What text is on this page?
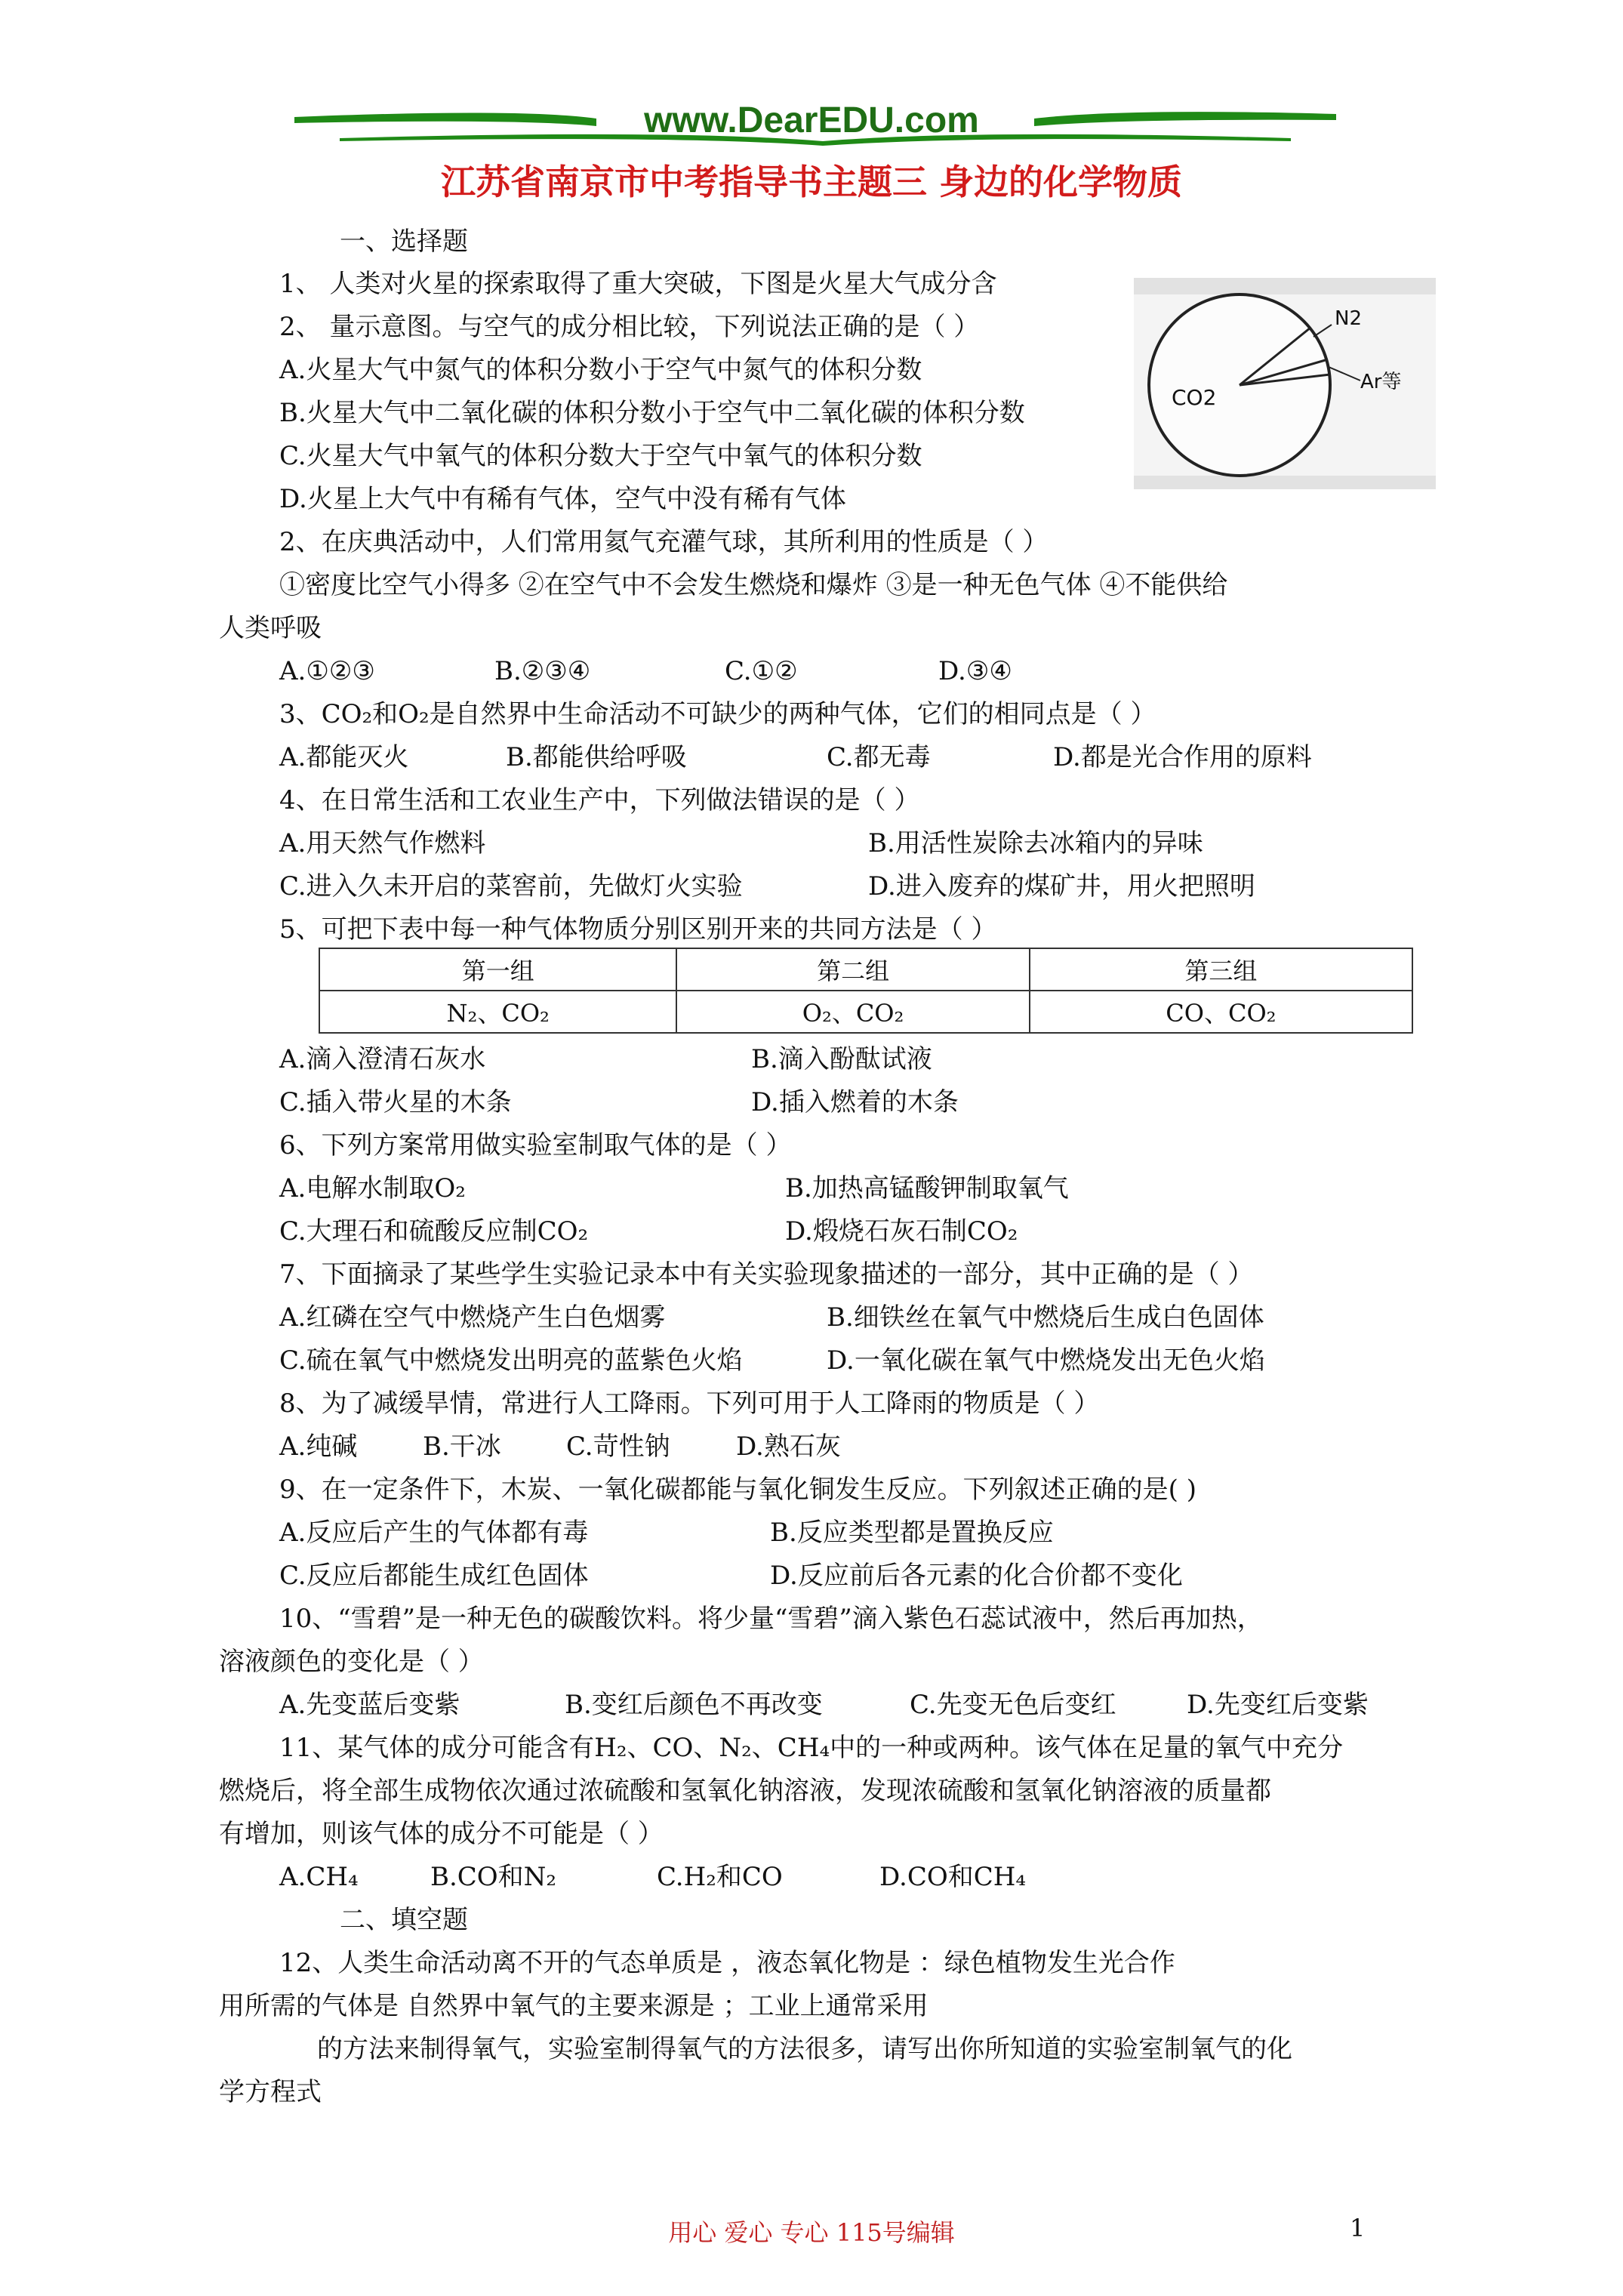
www.DearEDU.com
江苏省南京市中考指导书主题三 身边的化学物质
一、选择题
1、 人类对火星的探索取得了重大突破，下图是火星大气成分含
2、 量示意图。与空气的成分相比较，下列说法正确的是（ ）
A.火星大气中氮气的体积分数小于空气中氮气的体积分数
B.火星大气中二氧化碳的体积分数小于空气中二氧化碳的体积分数
C.火星大气中氧气的体积分数大于空气中氧气的体积分数
D.火星上大气中有稀有气体，空气中没有稀有气体
N2
Ar等
CO2
2、在庆典活动中，人们常用氦气充灌气球，其所利用的性质是（ ）
①密度比空气小得多 ②在空气中不会发生燃烧和爆炸 ③是一种无色气体 ④不能供给
人类呼吸
A.①②③	B.②③④	C.①②	D.③④
3、CO₂和O₂是自然界中生命活动不可缺少的两种气体，它们的相同点是（ ）
A.都能灭火	B.都能供给呼吸	C.都无毒	D.都是光合作用的原料
4、在日常生活和工农业生产中，下列做法错误的是（ ）
A.用天然气作燃料	B.用活性炭除去冰箱内的异味
C.进入久未开启的菜窖前，先做灯火实验	D.进入废弃的煤矿井，用火把照明
5、可把下表中每一种气体物质分别区别开来的共同方法是（ ）
第一组	第二组	第三组
N₂、CO₂	O₂、CO₂	CO、CO₂
A.滴入澄清石灰水	B.滴入酚酞试液
C.插入带火星的木条	D.插入燃着的木条
6、下列方案常用做实验室制取气体的是（ ）
A.电解水制取O₂	B.加热高锰酸钾制取氧气
C.大理石和硫酸反应制CO₂	D.煅烧石灰石制CO₂
7、下面摘录了某些学生实验记录本中有关实验现象描述的一部分，其中正确的是（ ）
A.红磷在空气中燃烧产生白色烟雾	B.细铁丝在氧气中燃烧后生成白色固体
C.硫在氧气中燃烧发出明亮的蓝紫色火焰	D.一氧化碳在氧气中燃烧发出无色火焰
8、为了减缓旱情，常进行人工降雨。下列可用于人工降雨的物质是（ ）
A.纯碱	B.干冰	C.苛性钠	D.熟石灰
9、在一定条件下，木炭、一氧化碳都能与氧化铜发生反应。下列叙述正确的是( )
A.反应后产生的气体都有毒	B.反应类型都是置换反应
C.反应后都能生成红色固体	D.反应前后各元素的化合价都不变化
10、“雪碧”是一种无色的碳酸饮料。将少量“雪碧”滴入紫色石蕊试液中，然后再加热，
溶液颜色的变化是（ ）
A.先变蓝后变紫	B.变红后颜色不再改变	C.先变无色后变红	D.先变红后变紫
11、某气体的成分可能含有H₂、CO、N₂、CH₄中的一种或两种。该气体在足量的氧气中充分
燃烧后，将全部生成物依次通过浓硫酸和氢氧化钠溶液，发现浓硫酸和氢氧化钠溶液的质量都
有增加，则该气体的成分不可能是（ ）
A.CH₄	B.CO和N₂	C.H₂和CO	D.CO和CH₄
二、填空题
12、人类生命活动离不开的气态单质是 ，液态氧化物是 ：绿色植物发生光合作
用所需的气体是 自然界中氧气的主要来源是 ；工业上通常采用
的方法来制得氧气，实验室制得氧气的方法很多，请写出你所知道的实验室制氧气的化
学方程式
用心 爱心 专心 115号编辑	1
